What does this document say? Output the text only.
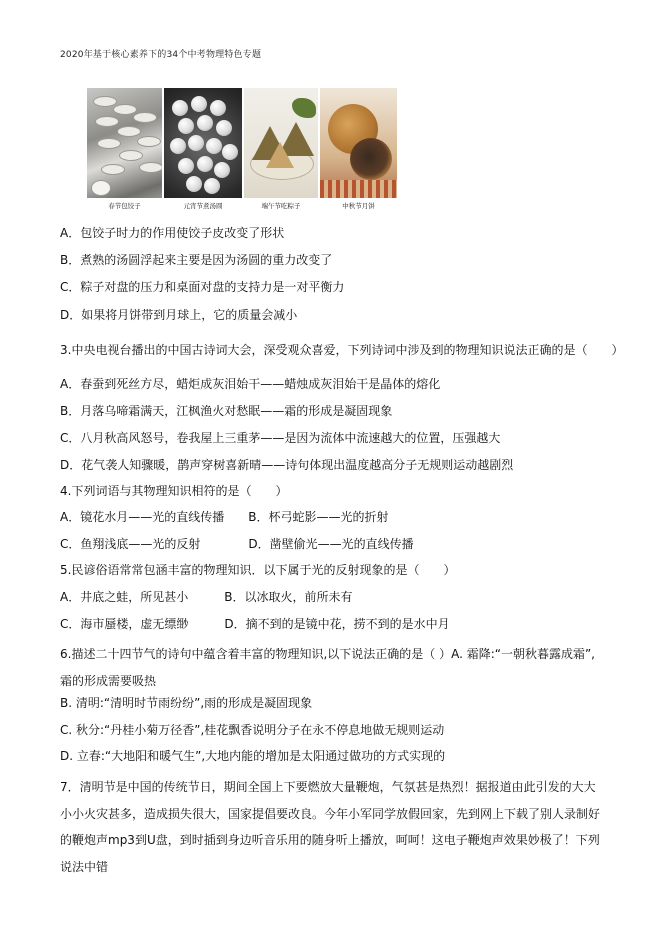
2020年基于核心素养下的34个中考物理特色专题
春节包饺子	元宵节煮汤圆	端午节吃粽子	中秋节月饼
A．包饺子时力的作用使饺子皮改变了形状
B．煮熟的汤圆浮起来主要是因为汤圆的重力改变了
C．粽子对盘的压力和桌面对盘的支持力是一对平衡力
D．如果将月饼带到月球上，它的质量会减小
3.中央电视台播出的中国古诗词大会，深受观众喜爱，下列诗词中涉及到的物理知识说法正确的是（　　）
A．春蚕到死丝方尽，蜡炬成灰泪始干——蜡烛成灰泪始干是晶体的熔化
B．月落乌啼霜满天，江枫渔火对愁眠——霜的形成是凝固现象
C．八月秋高风怒号，卷我屋上三重茅——是因为流体中流速越大的位置，压强越大
D．花气袭人知骤暖，鹊声穿树喜新晴——诗句体现出温度越高分子无规则运动越剧烈
4.下列词语与其物理知识相符的是（　　）
A．镜花水月——光的直线传播　　B．杯弓蛇影——光的折射
C．鱼翔浅底——光的反射　　　　D．凿壁偷光——光的直线传播
5.民谚俗语常常包涵丰富的物理知识．以下属于光的反射现象的是（　　）
A．井底之蛙，所见甚小　　　B．以冰取火，前所未有
C．海市蜃楼，虚无缥缈　　　D．摘不到的是镜中花，捞不到的是水中月
6.描述二十四节气的诗句中蕴含着丰富的物理知识,以下说法正确的是（ ）A. 霜降:“一朝秋暮露成霜”,霜的形成需要吸热
B. 清明:“清明时节雨纷纷”,雨的形成是凝固现象
C. 秋分:“丹桂小菊万径香”,桂花飘香说明分子在永不停息地做无规则运动
D. 立春:“大地阳和暖气生”,大地内能的增加是太阳通过做功的方式实现的
7．清明节是中国的传统节日，期间全国上下要燃放大量鞭炮，气氛甚是热烈！据报道由此引发的大大小小火灾甚多，造成损失很大，国家提倡要改良。今年小军同学放假回家，先到网上下载了别人录制好的鞭炮声mp3到U盘，到时插到身边听音乐用的随身听上播放，呵呵！这电子鞭炮声效果妙极了！下列说法中错
